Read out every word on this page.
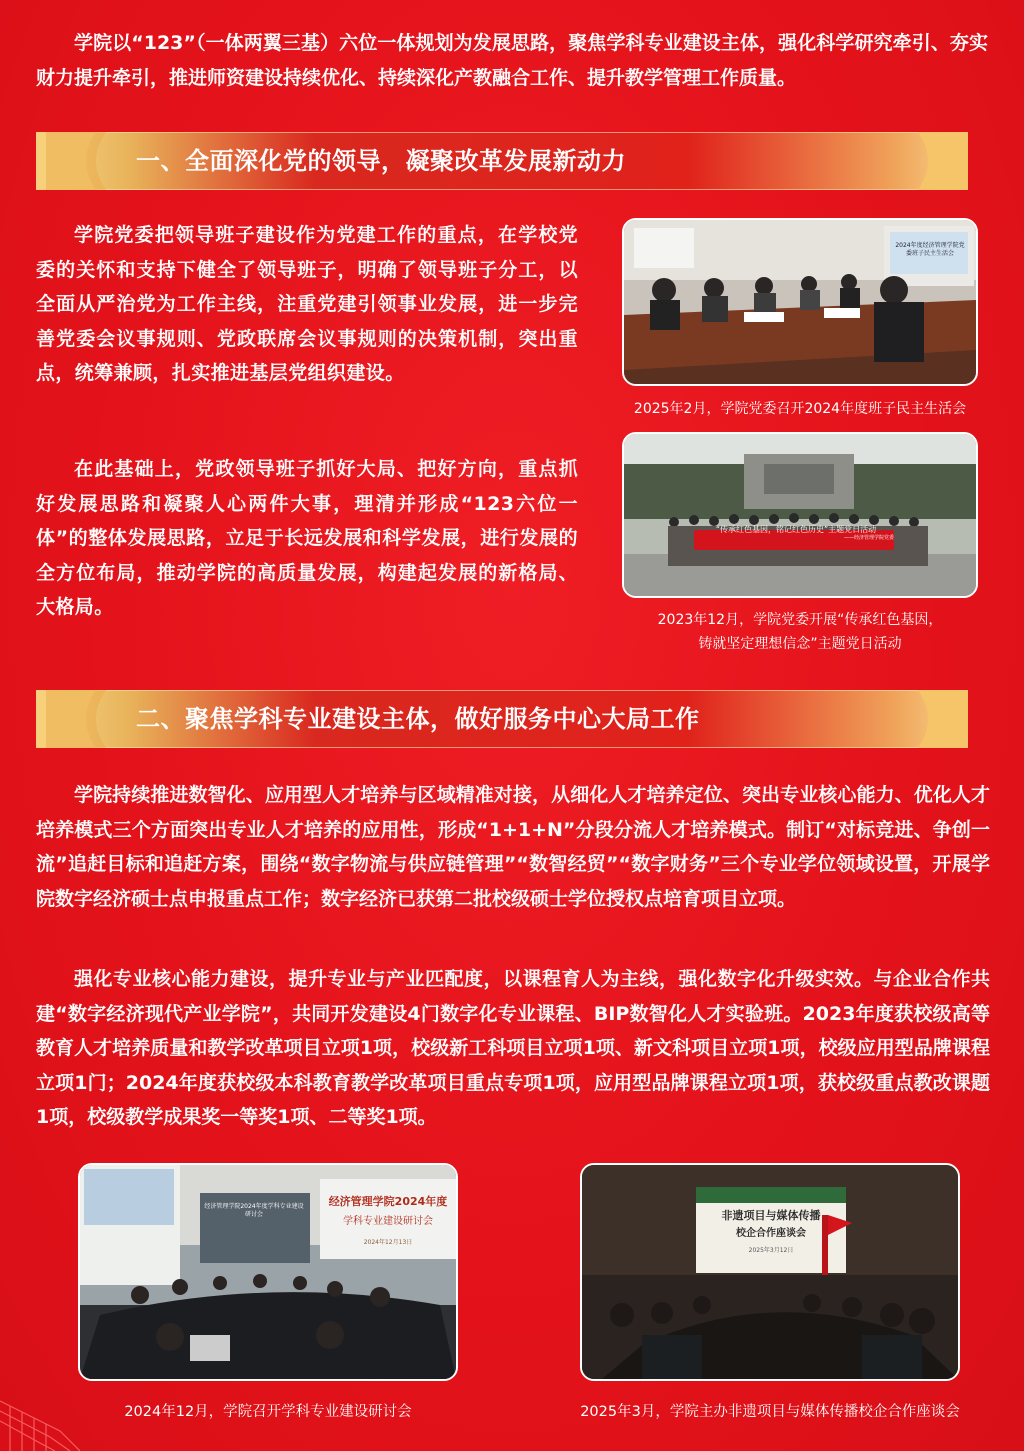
学院以“123”（一体两翼三基）六位一体规划为发展思路，聚焦学科专业建设主体，强化科学研究牵引、夯实财力提升牵引，推进师资建设持续优化、持续深化产教融合工作、提升教学管理工作质量。

一、全面深化党的领导，凝聚改革发展新动力

学院党委把领导班子建设作为党建工作的重点，在学校党委的关怀和支持下健全了领导班子，明确了领导班子分工，以全面从严治党为工作主线，注重党建引领事业发展，进一步完善党委会议事规则、党政联席会议事规则的决策机制，突出重点，统筹兼顾，扎实推进基层党组织建设。

在此基础上，党政领导班子抓好大局、把好方向，重点抓好发展思路和凝聚人心两件大事，理清并形成“123六位一体”的整体发展思路，立足于长远发展和科学发展，进行发展的全方位布局，推动学院的高质量发展，构建起发展的新格局、大格局。

2024年度经济管理学院党委班子民主生活会

2025年2月，学院党委召开2024年度班子民主生活会

“传承红色基因，铭记红色历史”主题党日活动
——经济管理学院党委

2023年12月，学院党委开展“传承红色基因，

铸就坚定理想信念”主题党日活动

二、聚焦学科专业建设主体，做好服务中心大局工作

学院持续推进数智化、应用型人才培养与区域精准对接，从细化人才培养定位、突出专业核心能力、优化人才培养模式三个方面突出专业人才培养的应用性，形成“1+1+N”分段分流人才培养模式。制订“对标竞进、争创一流”追赶目标和追赶方案，围绕“数字物流与供应链管理”“数智经贸”“数字财务”三个专业学位领域设置，开展学院数字经济硕士点申报重点工作；数字经济已获第二批校级硕士学位授权点培育项目立项。

强化专业核心能力建设，提升专业与产业匹配度，以课程育人为主线，强化数字化升级实效。与企业合作共建“数字经济现代产业学院”，共同开发建设4门数字化专业课程、BIP数智化人才实验班。2023年度获校级高等教育人才培养质量和教学改革项目立项1项，校级新工科项目立项1项、新文科项目立项1项，校级应用型品牌课程立项1门；2024年度获校级本科教育教学改革项目重点专项1项，应用型品牌课程立项1项，获校级重点教改课题1项，校级教学成果奖一等奖1项、二等奖1项。

经济管理学院2024年度学科专业建设研讨会
经济管理学院2024年度
学科专业建设研讨会
2024年12月13日

2024年12月，学院召开学科专业建设研讨会

非遗项目与媒体传播
校企合作座谈会
2025年3月12日

2025年3月，学院主办非遗项目与媒体传播校企合作座谈会
